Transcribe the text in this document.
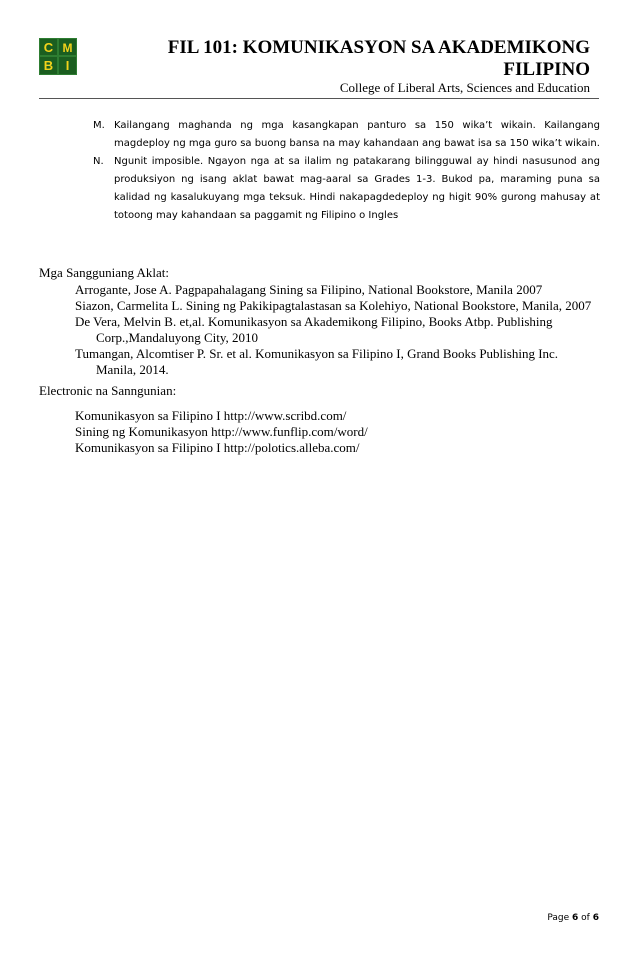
C M
B I
FIL 101: KOMUNIKASYON SA AKADEMIKONG
FILIPINO
College of Liberal Arts, Sciences and Education
M. Kailangang maghanda ng mga kasangkapan panturo sa 150 wika’t wikain. Kailangang magdeploy ng mga guro sa buong bansa na may kahandaan ang bawat isa sa 150 wika’t wikain.
N. Ngunit imposible. Ngayon nga at sa ilalim ng patakarang bilingguwal ay hindi nasusunod ang produksiyon ng isang aklat bawat mag-aaral sa Grades 1-3. Bukod pa, maraming puna sa kalidad ng kasalukuyang mga teksuk. Hindi nakapagdedeploy ng higit 90% gurong mahusay at totoong may kahandaan sa paggamit ng Filipino o Ingles
Mga Sangguniang Aklat:
Arrogante, Jose A. Pagpapahalagang Sining sa Filipino, National Bookstore, Manila 2007
Siazon, Carmelita L. Sining ng Pakikipagtalastasan sa Kolehiyo, National Bookstore, Manila, 2007
De Vera, Melvin B. et,al. Komunikasyon sa Akademikong Filipino, Books Atbp. Publishing Corp.,Mandaluyong City, 2010
Tumangan, Alcomtiser P. Sr. et al. Komunikasyon sa Filipino I, Grand Books Publishing Inc. Manila, 2014.
Electronic na Sanngunian:
Komunikasyon sa Filipino I http://www.scribd.com/
Sining ng Komunikasyon http://www.funflip.com/word/
Komunikasyon sa Filipino I http://polotics.alleba.com/
Page 6 of 6
